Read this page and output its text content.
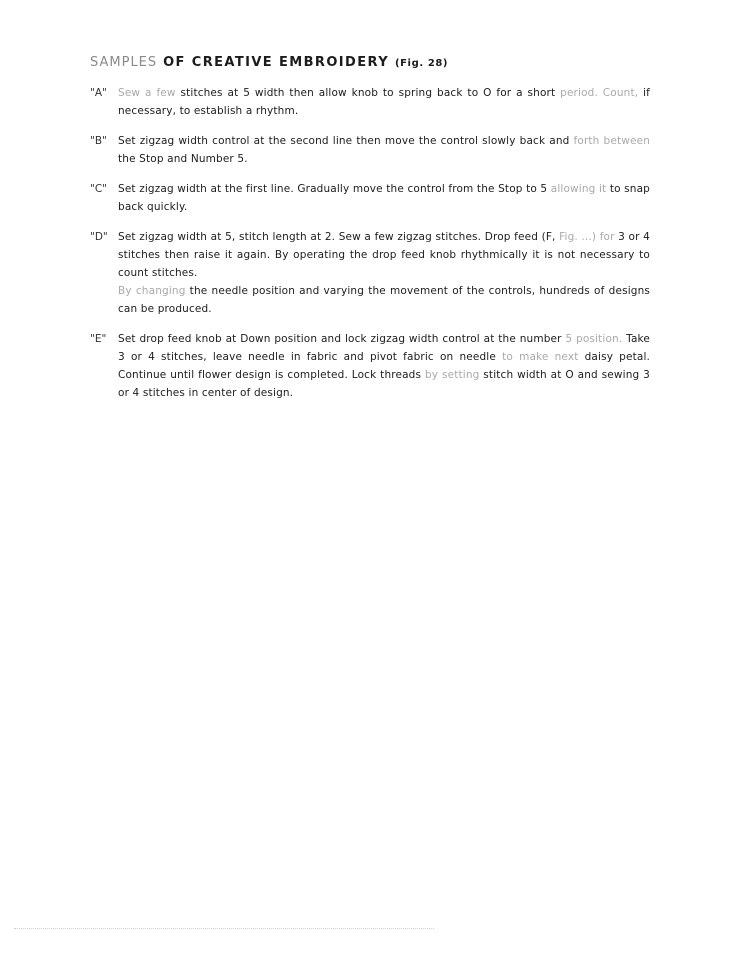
SAMPLES OF CREATIVE EMBROIDERY (Fig. 28)
"A"	Sew a few stitches at 5 width then allow knob to spring back to O for a short period. Count, if necessary, to establish a rhythm.
"B"	Set zigzag width control at the second line then move the control slowly back and forth between the Stop and Number 5.
"C"	Set zigzag width at the first line. Gradually move the control from the Stop to 5 allowing it to snap back quickly.
"D" Set zigzag width at 5, stitch length at 2. Sew a few zigzag stitches. Drop feed (F, Fig. ...) for 3 or 4 stitches then raise it again. By operating the drop feed knob rhythmically it is not necessary to count stitches.
By changing the needle position and varying the movement of the controls, hundreds of designs can be produced.
"E"	Set drop feed knob at Down position and lock zigzag width control at the number 5 position. Take 3 or 4 stitches, leave needle in fabric and pivot fabric on needle to make next daisy petal. Continue until flower design is completed. Lock threads by setting stitch width at O and sewing 3 or 4 stitches in center of design.
